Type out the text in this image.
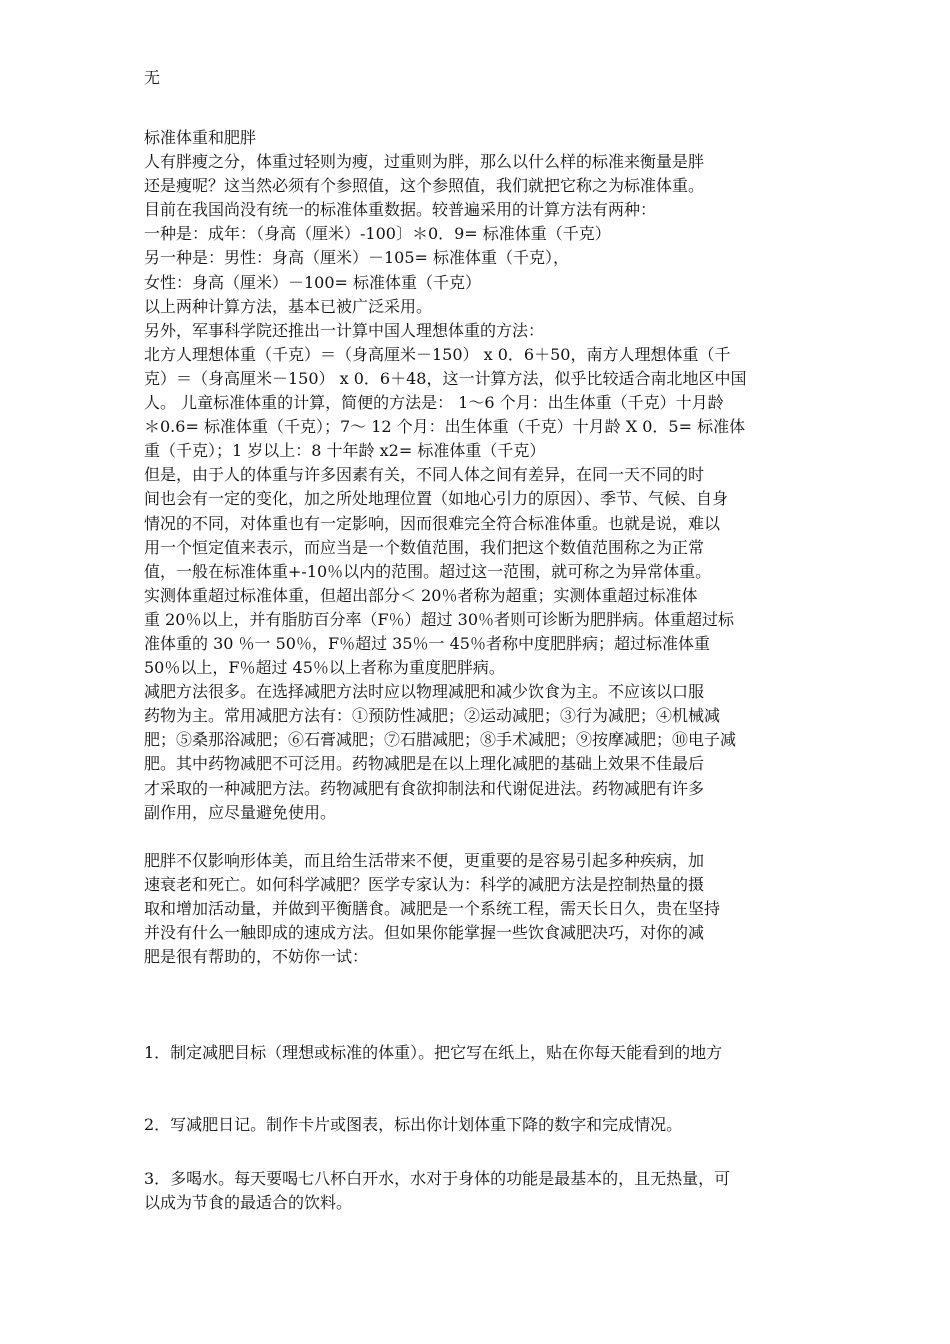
无
标准体重和肥胖
人有胖瘦之分，体重过轻则为瘦，过重则为胖，那么以什么样的标准来衡量是胖
还是瘦呢？这当然必须有个参照值，这个参照值，我们就把它称之为标准体重。
目前在我国尚没有统一的标准体重数据。较普遍采用的计算方法有两种：
一种是：成年：（身高（厘米）-100〕＊0．9= 标准体重（千克）
另一种是：男性：身高（厘米）－105= 标准体重（千克），
女性：身高（厘米）－100= 标准体重（千克）
以上两种计算方法，基本已被广泛采用。
另外，军事科学院还推出一计算中国人理想体重的方法：
北方人理想体重（千克）＝（身高厘米－150） x 0．6＋50，南方人理想体重（千
克）＝（身高厘米－150） x 0．6＋48，这一计算方法，似乎比较适合南北地区中国
人。 儿童标准体重的计算，简便的方法是： 1～6 个月：出生体重（千克）十月龄
＊0.6= 标准体重（千克）；7～ 12 个月：出生体重（千克）十月龄 X 0．5= 标准体
重（千克）；1 岁以上：8 十年龄 x2= 标准体重（千克）
但是，由于人的体重与许多因素有关，不同人体之间有差异，在同一天不同的时
间也会有一定的变化，加之所处地理位置（如地心引力的原因）、季节、气候、自身
情况的不同，对体重也有一定影响，因而很难完全符合标准体重。也就是说，难以
用一个恒定值来表示，而应当是一个数值范围，我们把这个数值范围称之为正常
值，一般在标准体重+-10％以内的范围。超过这一范围，就可称之为异常体重。
实测体重超过标准体重，但超出部分＜ 20％者称为超重；实测体重超过标准体
重 20％以上，并有脂肪百分率（F％）超过 30％者则可诊断为肥胖病。体重超过标
准体重的 30 ％一 50％，F％超过 35％一 45％者称中度肥胖病；超过标准体重
50％以上，F％超过 45％以上者称为重度肥胖病。
减肥方法很多。在选择减肥方法时应以物理减肥和减少饮食为主。不应该以口服
药物为主。常用减肥方法有：①预防性减肥；②运动减肥；③行为减肥；④机械减
肥；⑤桑那浴减肥；⑥石膏减肥；⑦石腊减肥；⑧手术减肥；⑨按摩减肥；⑩电子减
肥。其中药物减肥不可泛用。药物减肥是在以上理化减肥的基础上效果不佳最后
才采取的一种减肥方法。药物减肥有食欲抑制法和代谢促进法。药物减肥有许多
副作用，应尽量避免使用。
肥胖不仅影响形体美，而且给生活带来不便，更重要的是容易引起多种疾病，加
速衰老和死亡。如何科学减肥？医学专家认为：科学的减肥方法是控制热量的摄
取和增加活动量，并做到平衡膳食。减肥是一个系统工程，需天长日久，贵在坚持
并没有什么一触即成的速成方法。但如果你能掌握一些饮食减肥决巧，对你的减
肥是很有帮助的，不妨你一试：
1．制定减肥目标（理想或标准的体重）。把它写在纸上，贴在你每天能看到的地方
2．写减肥日记。制作卡片或图表，标出你计划体重下降的数字和完成情况。
3．多喝水。每天要喝七八杯白开水，水对于身体的功能是最基本的，且无热量，可
以成为节食的最适合的饮料。
